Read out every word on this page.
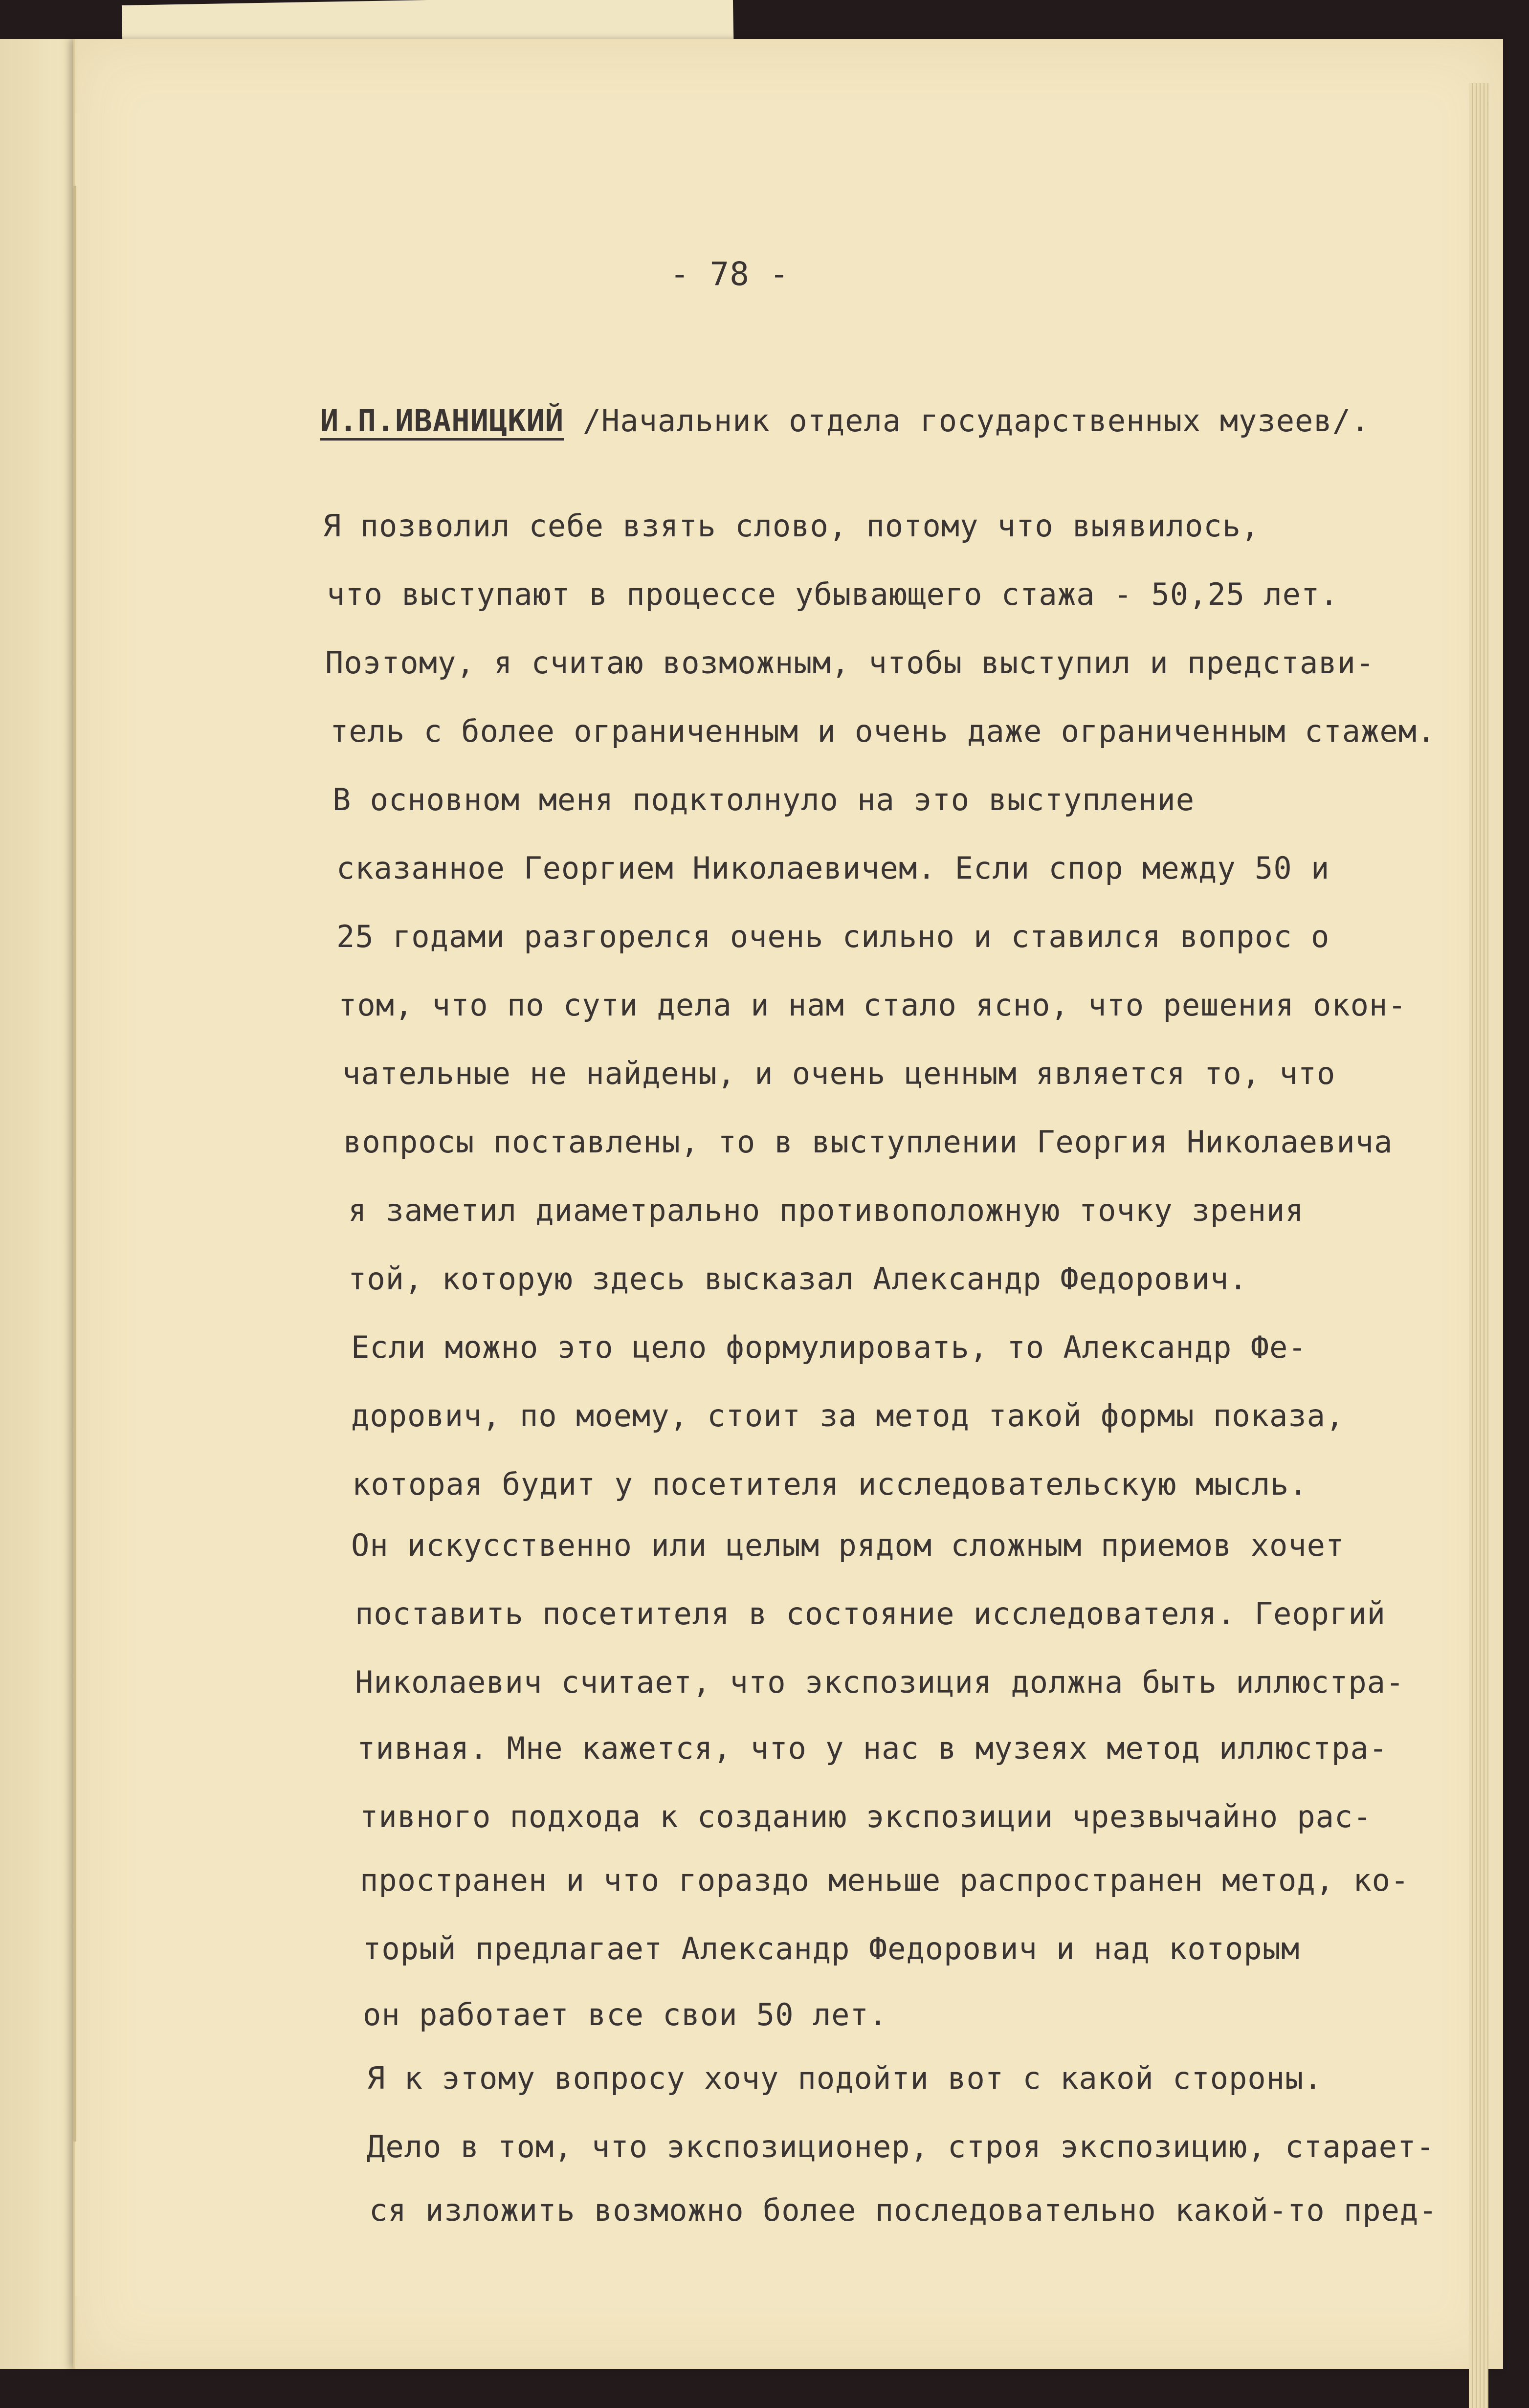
- 78 -
И.П.ИВАНИЦКИЙ /Начальник отдела государственных музеев/.
Я позволил себе взять слово, потому что выявилось,
что выступают в процессе убывающего стажа - 50,25 лет.
Поэтому, я считаю возможным, чтобы выступил и представи-
тель с более ограниченным и очень даже ограниченным стажем.
В основном меня подктолнуло на это выступление
сказанное Георгием Николаевичем. Если спор между 50 и
25 годами разгорелся очень сильно и ставился вопрос о
том, что по сути дела и нам стало ясно, что решения окон-
чательные не найдены, и очень ценным является то, что
вопросы поставлены, то в выступлении Георгия Николаевича
я заметил диаметрально противоположную точку зрения
той, которую здесь высказал Александр Федорович.
Если можно это цело формулировать, то Александр Фе-
дорович, по моему, стоит за метод такой формы показа,
которая будит у посетителя исследовательскую мысль.
Он искусственно или целым рядом сложным приемов хочет
поставить посетителя в состояние исследователя. Георгий
Николаевич считает, что экспозиция должна быть иллюстра-
тивная. Мне кажется, что у нас в музеях метод иллюстра-
тивного подхода к созданию экспозиции чрезвычайно рас-
пространен и что гораздо меньше распространен метод, ко-
торый предлагает Александр Федорович и над которым
он работает все свои 50 лет.
Я к этому вопросу хочу подойти вот с какой стороны.
Дело в том, что экспозиционер, строя экспозицию, старает-
ся изложить возможно более последовательно какой-то пред-
